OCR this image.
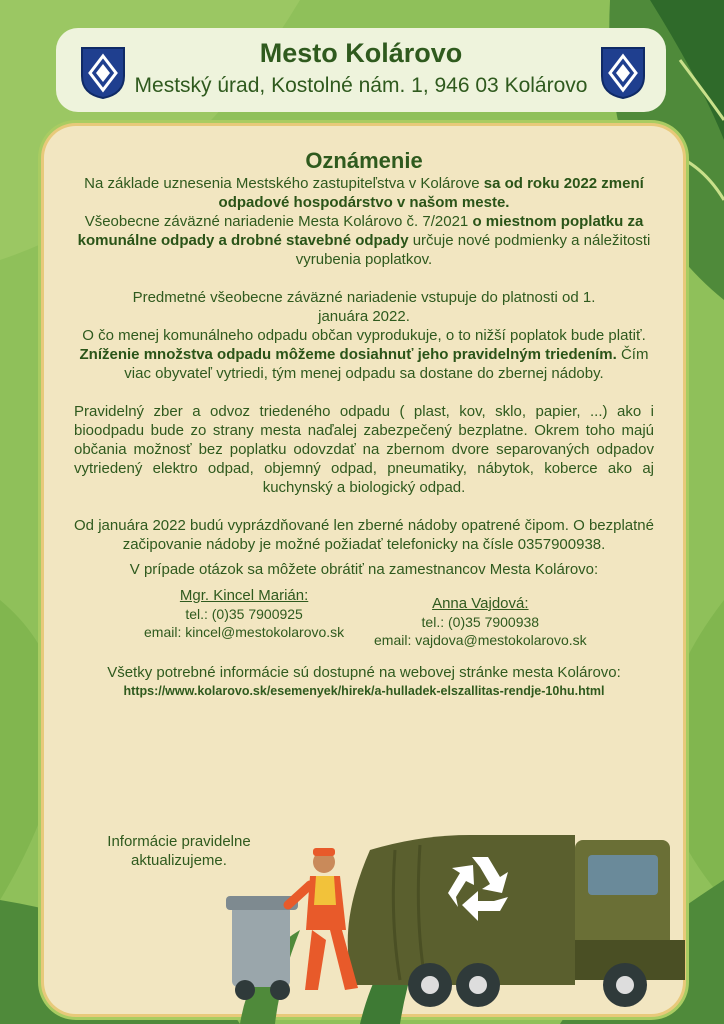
Mesto Kolárovo
Mestský úrad, Kostolné nám. 1, 946 03 Kolárovo
Oznámenie

Na základe uznesenia Mestského zastupiteľstva v Kolárove sa od roku 2022 zmení odpadové hospodárstvo v našom meste.

Všeobecne záväzné nariadenie Mesta Kolárovo č. 7/2021 o miestnom poplatku za komunálne odpady a drobné stavebné odpady určuje nové podmienky a náležitosti vyrubenia poplatkov.

Predmetné všeobecne záväzné nariadenie vstupuje do platnosti od 1. januára 2022.

O čo menej komunálneho odpadu občan vyprodukuje, o to nižší poplatok bude platiť. Zníženie množstva odpadu môžeme dosiahnuť jeho pravidelným triedením. Čím viac obyvateľ vytriedi, tým menej odpadu sa dostane do zbernej nádoby.

Pravidelný zber a odvoz triedeného odpadu ( plast, kov, sklo, papier, ...) ako i bioodpadu bude zo strany mesta naďalej zabezpečený bezplatne. Okrem toho majú občania možnosť bez poplatku odovzdať na zbernom dvore separovaných odpadov vytriedený elektro odpad, objemný odpad, pneumatiky, nábytok, koberce ako aj kuchynský a biologický odpad.

Od januára 2022 budú vyprázdňované len zberné nádoby opatrené čipom. O bezplatné začipovanie nádoby je možné požiadať telefonicky na čísle 0357900938.

V prípade otázok sa môžete obrátiť na zamestnancov Mesta Kolárovo:

Mgr. Kincel Marián:
tel.: (0)35 7900925
email: kincel@mestokolarovo.sk
Anna Vajdová:
tel.: (0)35 7900938
email: vajdova@mestokolarovo.sk

Všetky potrebné informácie sú dostupné na webovej stránke mesta Kolárovo:

https://www.kolarovo.sk/esemenyek/hirek/a-hulladek-elszallitas-rendje-10hu.html

Informácie pravidelne aktualizujeme.
